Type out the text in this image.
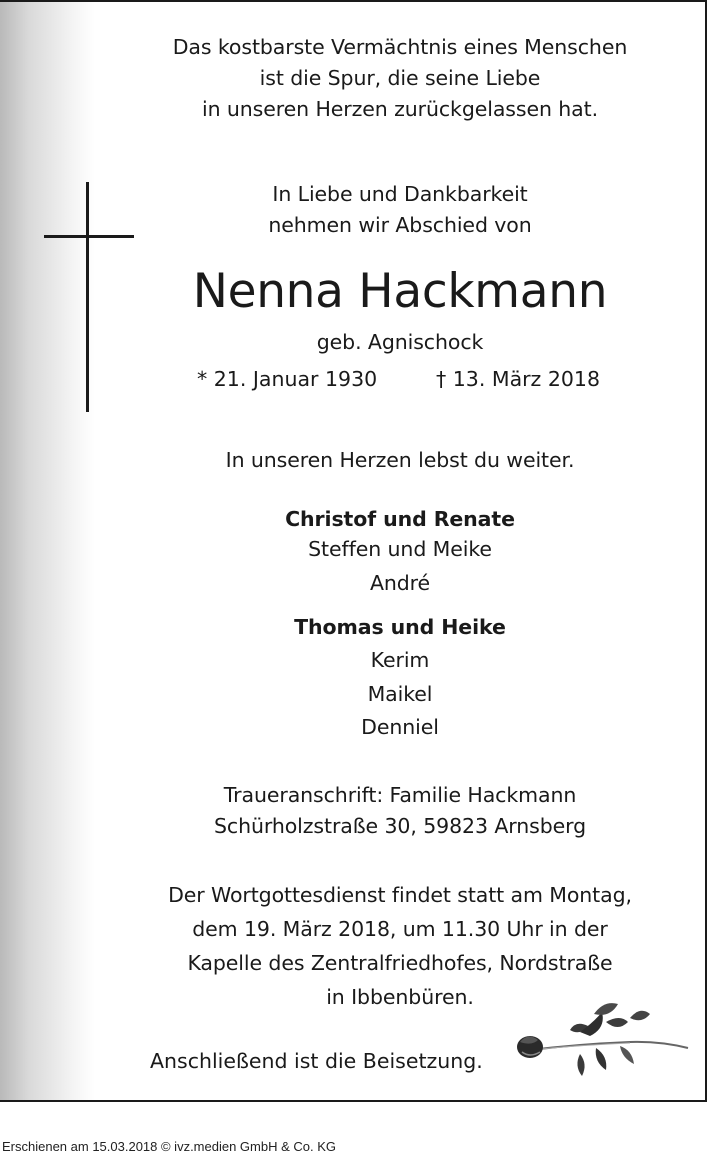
Das kostbarste Vermächtnis eines Menschen
ist die Spur, die seine Liebe
in unseren Herzen zurückgelassen hat.
In Liebe und Dankbarkeit
nehmen wir Abschied von
Nenna Hackmann
geb. Agnischock
* 21. Januar 1930	† 13. März 2018
In unseren Herzen lebst du weiter.
Christof und Renate
Steffen und Meike
André
Thomas und Heike
Kerim
Maikel
Denniel
Traueranschrift: Familie Hackmann
Schürholzstraße 30, 59823 Arnsberg
Der Wortgottesdienst findet statt am Montag,
dem 19. März 2018, um 11.30 Uhr in der
Kapelle des Zentralfriedhofes, Nordstraße
in Ibbenbüren.
Anschließend ist die Beisetzung.
Erschienen am 15.03.2018 © ivz.medien GmbH & Co. KG
